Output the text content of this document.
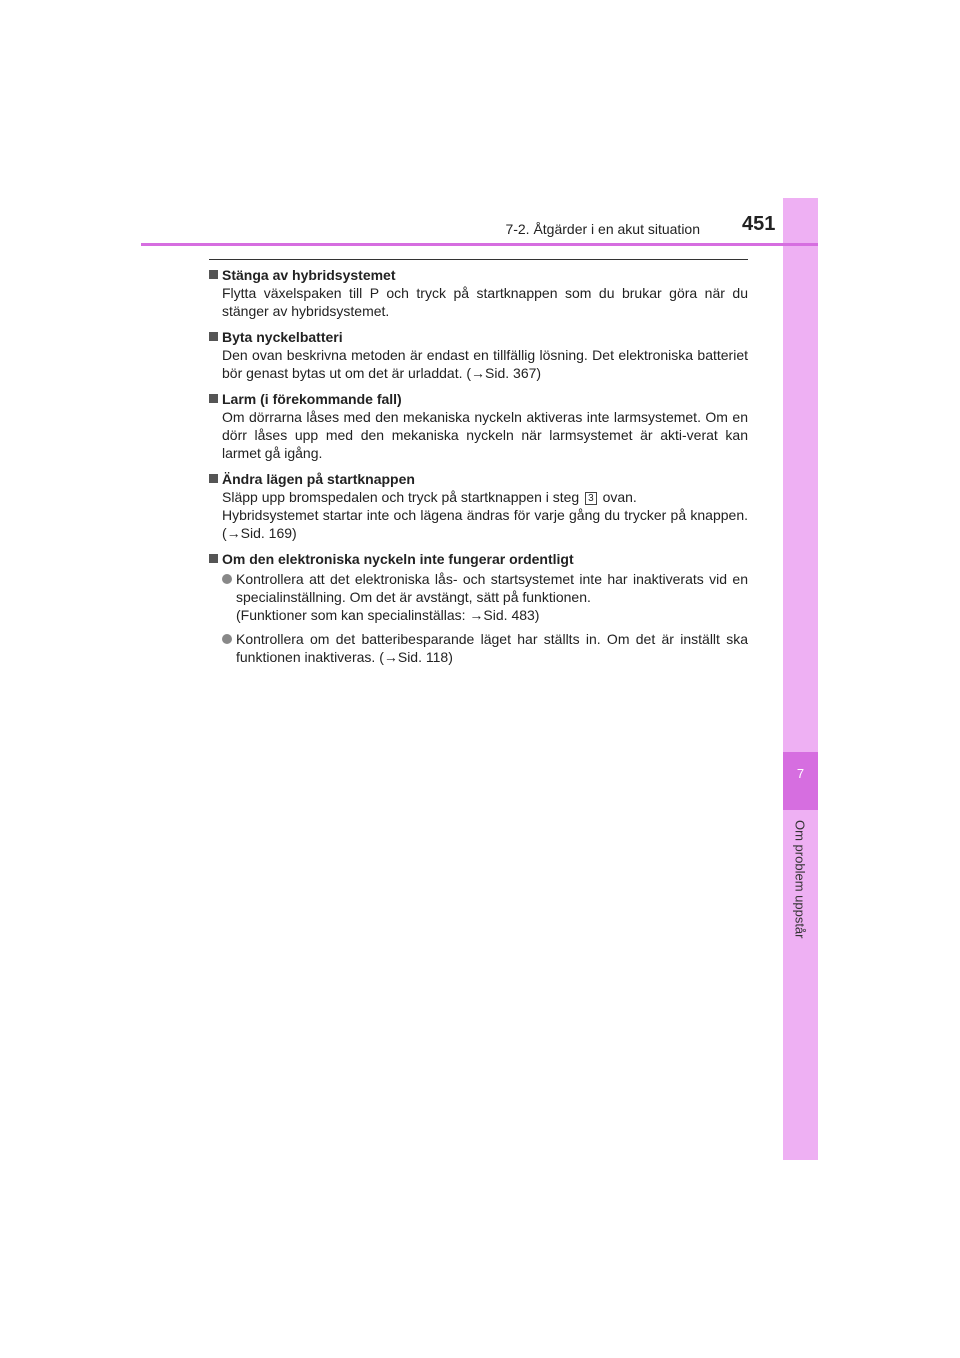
7
Om problem uppstår
7-2. Åtgärder i en akut situation 451
Stänga av hybridsystemet

Flytta växelspaken till P och tryck på startknappen som du brukar göra när du stänger av hybridsystemet.

Byta nyckelbatteri

Den ovan beskrivna metoden är endast en tillfällig lösning. Det elektroniska batteriet bör genast bytas ut om det är urladdat. (→Sid. 367)

Larm (i förekommande fall)

Om dörrarna låses med den mekaniska nyckeln aktiveras inte larmsystemet. Om en dörr låses upp med den mekaniska nyckeln när larmsystemet är akti-verat kan larmet gå igång.

Ändra lägen på startknappen

Släpp upp bromspedalen och tryck på startknappen i steg 3 ovan.

Hybridsystemet startar inte och lägena ändras för varje gång du trycker på knappen. (→Sid. 169)

Om den elektroniska nyckeln inte fungerar ordentligt

Kontrollera att det elektroniska lås- och startsystemet inte har inaktiverats vid en specialinställning. Om det är avstängt, sätt på funktionen.

(Funktioner som kan specialinställas: →Sid. 483)

Kontrollera om det batteribesparande läget har ställts in. Om det är inställt ska funktionen inaktiveras. (→Sid. 118)
